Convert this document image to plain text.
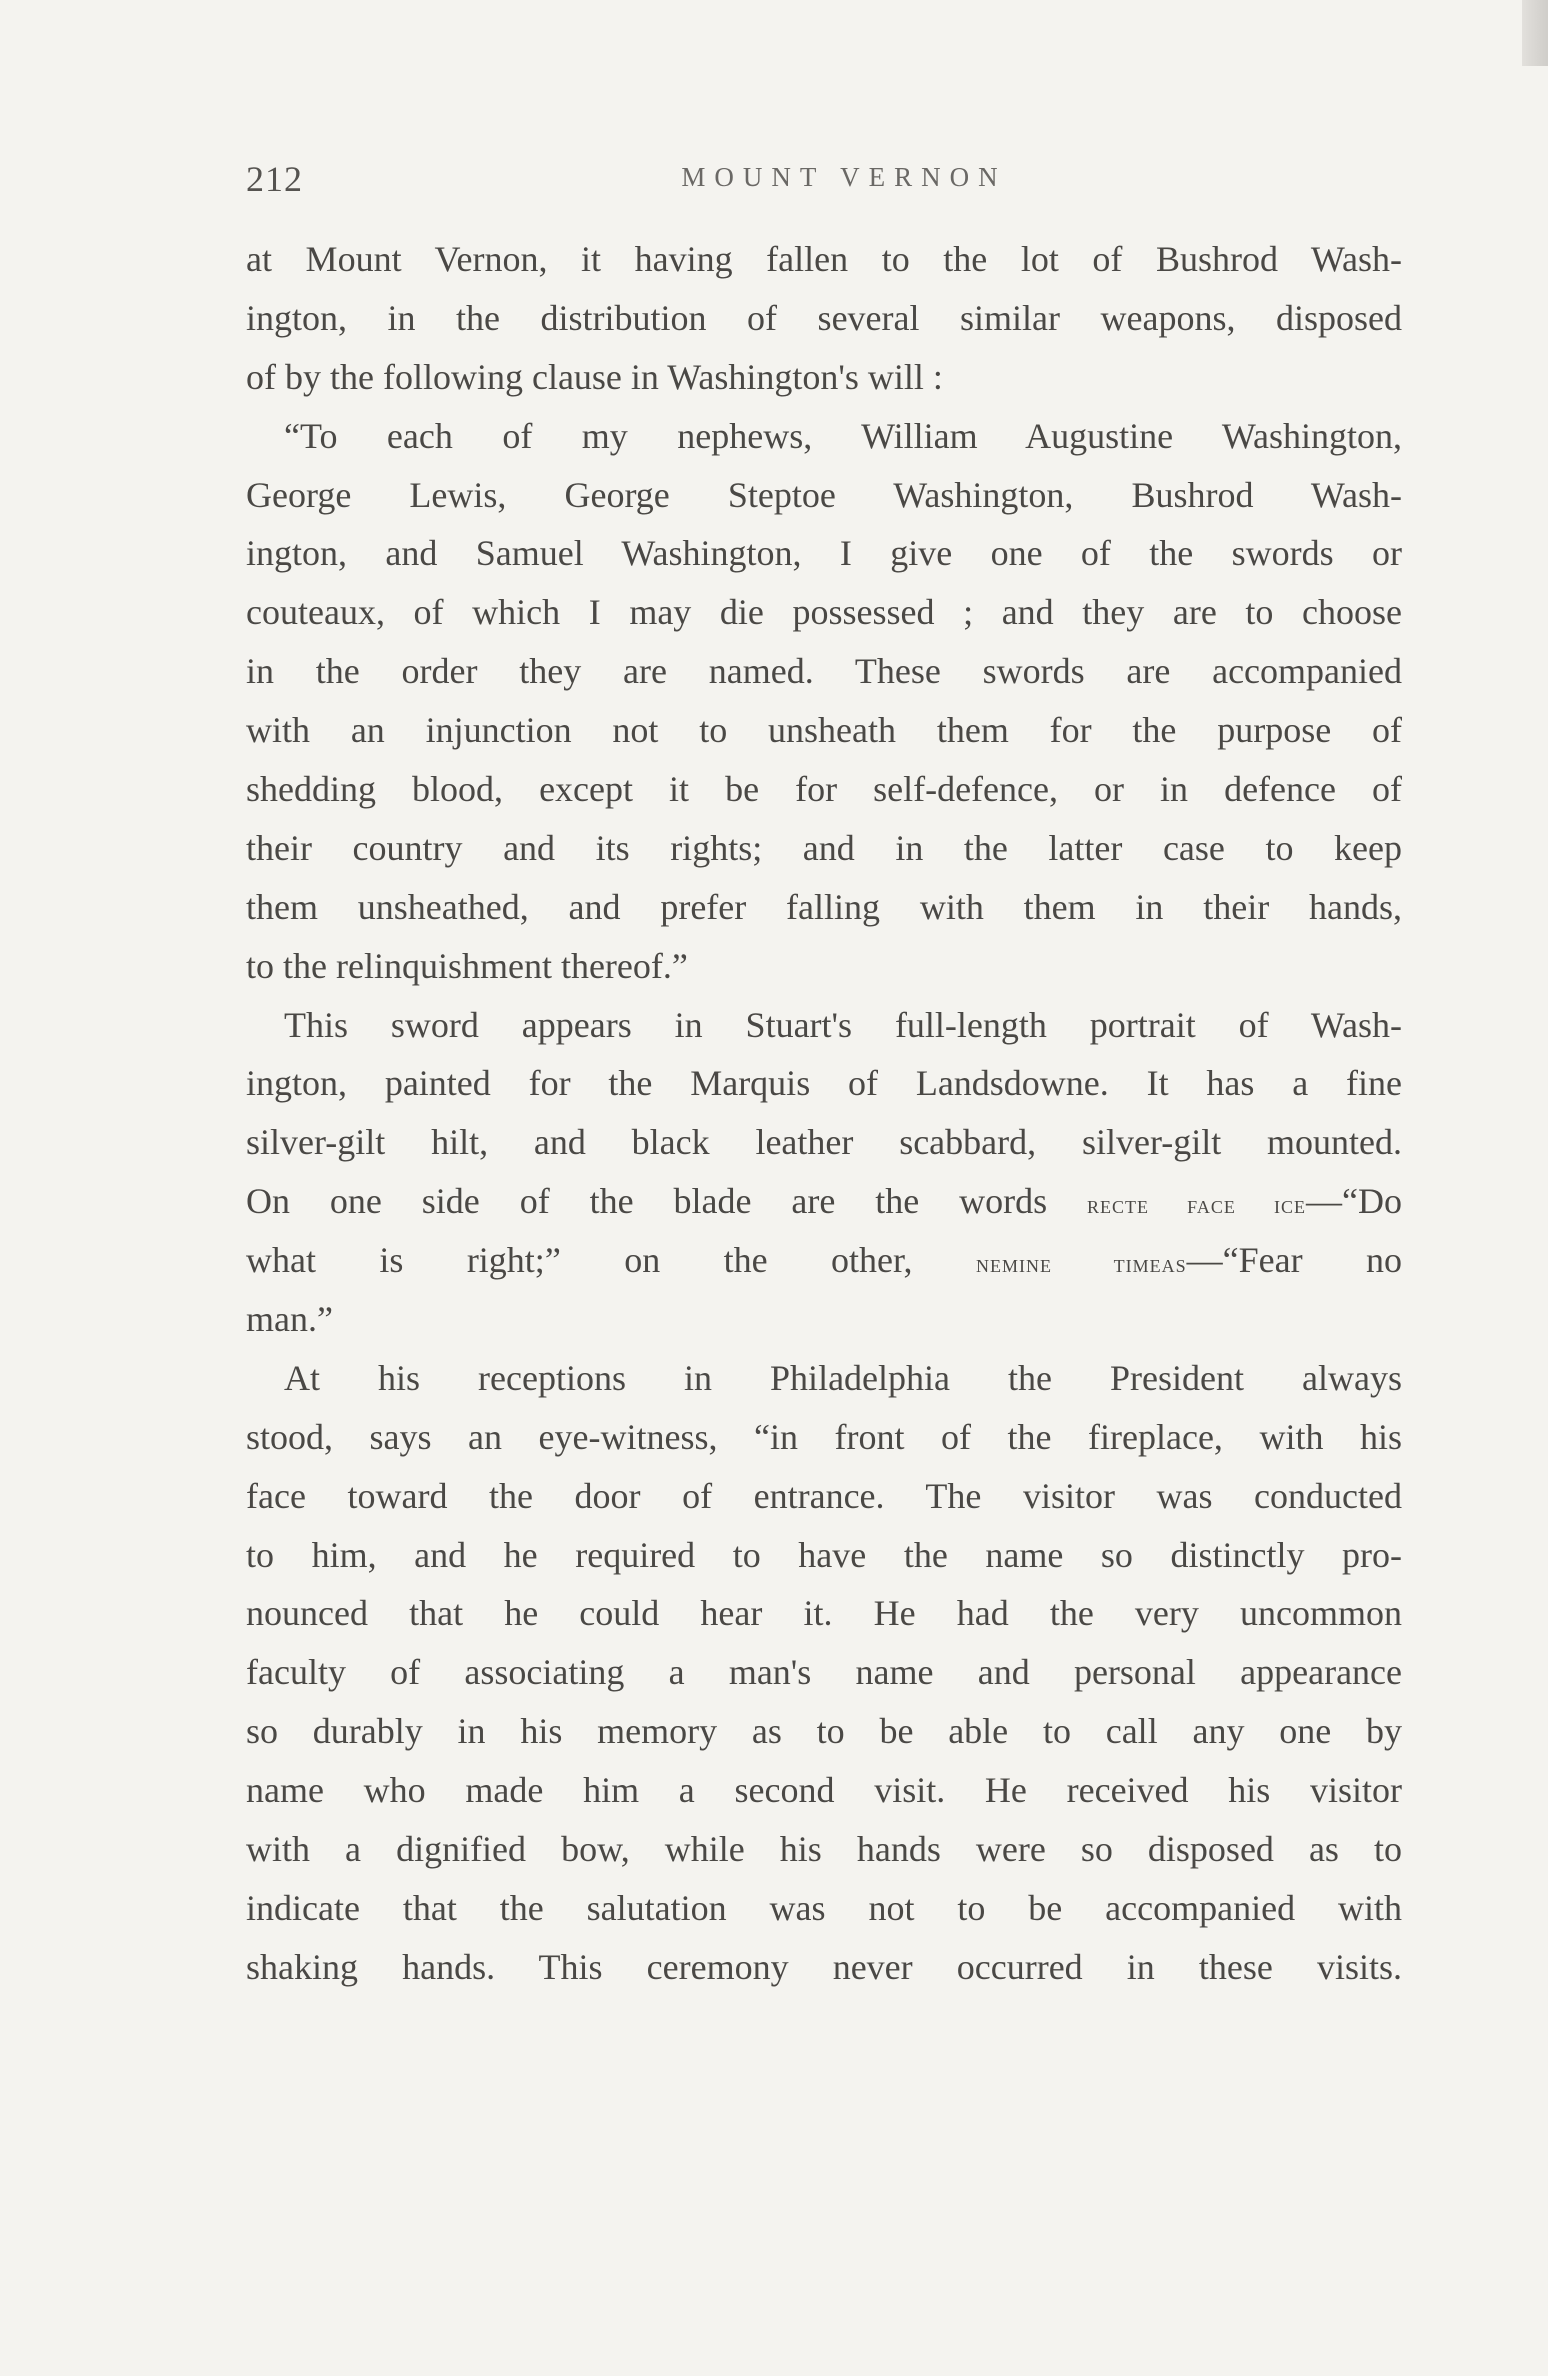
212	MOUNT VERNON
at Mount Vernon, it having fallen to the lot of Bushrod Wash-
ington, in the distribution of several similar weapons, disposed
of by the following clause in Washington's will :
“To each of my nephews, William Augustine Washington,
George Lewis, George Steptoe Washington, Bushrod Wash-
ington, and Samuel Washington, I give one of the swords or
couteaux, of which I may die possessed ; and they are to choose
in the order they are named. These swords are accompanied
with an injunction not to unsheath them for the purpose of
shedding blood, except it be for self-defence, or in defence of
their country and its rights; and in the latter case to keep
them unsheathed, and prefer falling with them in their hands,
to the relinquishment thereof.”
This sword appears in Stuart's full-length portrait of Wash-
ington, painted for the Marquis of Landsdowne. It has a fine
silver-gilt hilt, and black leather scabbard, silver-gilt mounted.
On one side of the blade are the words recte face ice—“Do
what is right;” on the other, nemine timeas—“Fear no
man.”
At his receptions in Philadelphia the President always
stood, says an eye-witness, “in front of the fireplace, with his
face toward the door of entrance. The visitor was conducted
to him, and he required to have the name so distinctly pro-
nounced that he could hear it. He had the very uncommon
faculty of associating a man's name and personal appearance
so durably in his memory as to be able to call any one by
name who made him a second visit. He received his visitor
with a dignified bow, while his hands were so disposed as to
indicate that the salutation was not to be accompanied with
shaking hands. This ceremony never occurred in these visits.
